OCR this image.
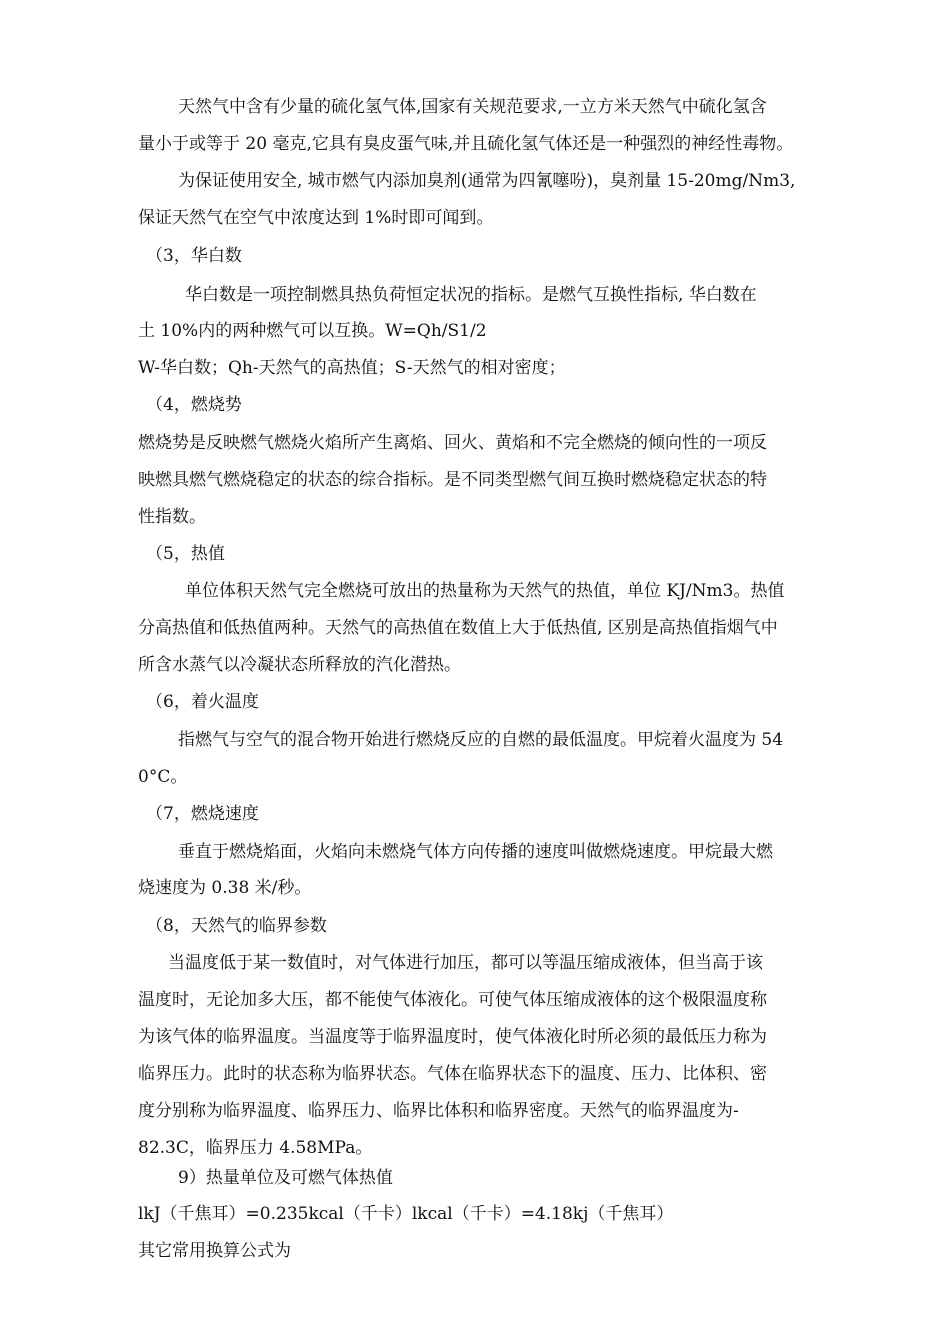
天然气中含有少量的硫化氢气体,国家有关规范要求,一立方米天然气中硫化氢含
量小于或等于 20 毫克,它具有臭皮蛋气味,并且硫化氢气体还是一种强烈的神经性毒物。
为保证使用安全, 城市燃气内添加臭剂(通常为四氰噻吩)，臭剂量 15-20mg/Nm3,
保证天然气在空气中浓度达到 1%时即可闻到。
（3，华白数
华白数是一项控制燃具热负荷恒定状况的指标。是燃气互换性指标, 华白数在
土 10%内的两种燃气可以互换。W=Qh/S1/2
W-华白数；Qh-天然气的高热值；S-天然气的相对密度；
（4，燃烧势
燃烧势是反映燃气燃烧火焰所产生离焰、回火、黄焰和不完全燃烧的倾向性的一项反
映燃具燃气燃烧稳定的状态的综合指标。是不同类型燃气间互换时燃烧稳定状态的特
性指数。
（5，热值
单位体积天然气完全燃烧可放出的热量称为天然气的热值，单位 KJ/Nm3。热值
分高热值和低热值两种。天然气的高热值在数值上大于低热值, 区别是高热值指烟气中
所含水蒸气以冷凝状态所释放的汽化潜热。
（6，着火温度
指燃气与空气的混合物开始进行燃烧反应的自燃的最低温度。甲烷着火温度为 54
0°C。
（7，燃烧速度
垂直于燃烧焰面，火焰向未燃烧气体方向传播的速度叫做燃烧速度。甲烷最大燃
烧速度为 0.38 米/秒。
（8，天然气的临界参数
当温度低于某一数值时，对气体进行加压，都可以等温压缩成液体，但当高于该
温度时，无论加多大压，都不能使气体液化。可使气体压缩成液体的这个极限温度称
为该气体的临界温度。当温度等于临界温度时，使气体液化时所必须的最低压力称为
临界压力。此时的状态称为临界状态。气体在临界状态下的温度、压力、比体积、密
度分别称为临界温度、临界压力、临界比体积和临界密度。天然气的临界温度为-
82.3C，临界压力 4.58MPa。
9）热量单位及可燃气体热值
lkJ（千焦耳）=0.235kcal（千卡）lkcal（千卡）=4.18kj（千焦耳）
其它常用换算公式为
